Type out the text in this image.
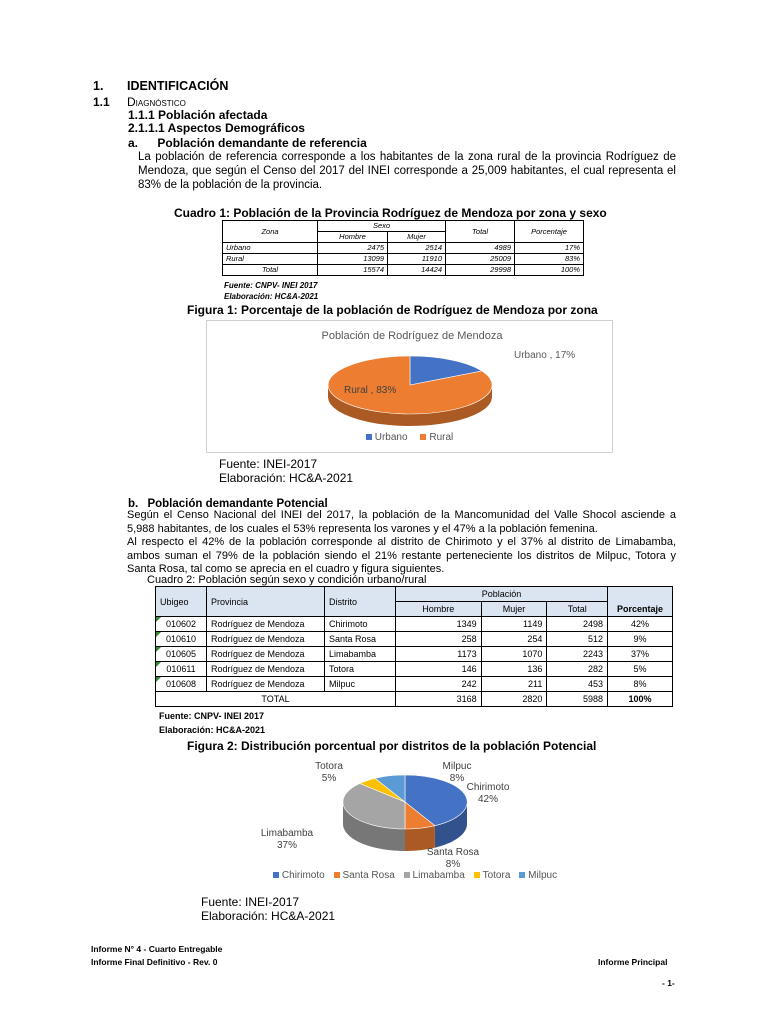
1. IDENTIFICACIÓN
1.1 Diagnóstico
1.1.1 Población afectada
2.1.1.1 Aspectos Demográficos
a. Población demandante de referencia
La población de referencia corresponde a los habitantes de la zona rural de la provincia Rodríguez de Mendoza, que según el Censo del 2017 del INEI corresponde a 25,009 habitantes, el cual representa el 83% de la población de la provincia.
Cuadro 1: Población de la Provincia Rodríguez de Mendoza por zona y sexo
Zona	Sexo		Total	Porcentaje
	Hombre	Mujer		
Urbano	2475	2514	4989	17%
Rural	13099	11910	25009	83%
Total	15574	14424	29998	100%
Fuente: CNPV- INEI 2017
Elaboración: HC&A-2021
Figura 1: Porcentaje de la población de Rodríguez de Mendoza por zona
Población de Rodríguez de Mendoza
Urbano , 17%
Rural , 83%
Urbano Rural
Fuente: INEI-2017
Elaboración: HC&A-2021
b. Población demandante Potencial
Según el Censo Nacional del INEI del 2017, la población de la Mancomunidad del Valle Shocol asciende a 5,988 habitantes, de los cuales el 53% representa los varones y el 47% a la población femenina.
Al respecto el 42% de la población corresponde al distrito de Chirimoto y el 37% al distrito de Limabamba, ambos suman el 79% de la población siendo el 21% restante perteneciente los distritos de Milpuc, Totora y Santa Rosa, tal como se aprecia en el cuadro y figura siguientes.
Cuadro 2: Población según sexo y condición urbano/rural
Ubigeo	Provincia	Distrito	Población			Porcentaje
			Hombre	Mujer	Total	

010602	Rodríguez de Mendoza	Chirimoto	1349	1149	2498	42%

010610	Rodríguez de Mendoza	Santa Rosa	258	254	512	9%

010605	Rodríguez de Mendoza	Limabamba	1173	1070	2243	37%

010611	Rodríguez de Mendoza	Totora	146	136	282	5%

010608	Rodríguez de Mendoza	Milpuc	242	211	453	8%
TOTAL			3168	2820	5988	100%
Fuente: CNPV- INEI 2017
Elaboración: HC&A-2021
Figura 2: Distribución porcentual por distritos de la población Potencial
Chirimoto 42%
Santa Rosa 8%
Limabamba 37%
Totora 5%
Milpuc 8%
Chirimoto Santa Rosa Limabamba Totora Milpuc
Fuente: INEI-2017
Elaboración: HC&A-2021
Informe N° 4 - Cuarto Entregable
Informe Final Definitivo - Rev. 0	Informe Principal
- 1-
